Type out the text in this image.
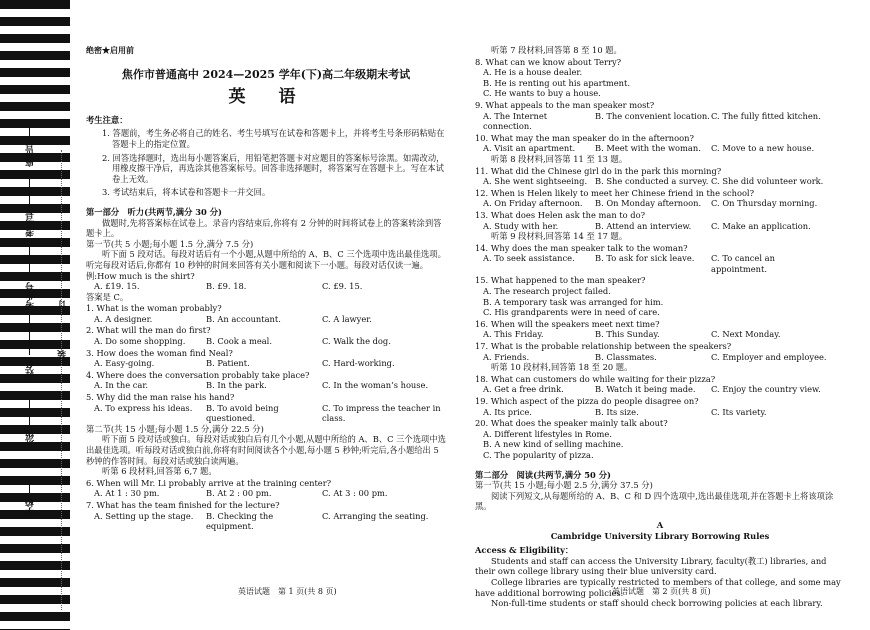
学校
班级
姓名
考生号
考场号
座位号
装
订
线
绝密★启用前
焦作市普通高中 2024—2025 学年(下)高二年级期末考试
英　语
考生注意：

1. 答题前，考生务必将自己的姓名、考生号填写在试卷和答题卡上，并将考生号条形码粘贴在答题卡上的指定位置。

2. 回答选择题时，选出每小题答案后，用铅笔把答题卡对应题目的答案标号涂黑。如需改动，用橡皮擦干净后，再选涂其他答案标号。回答非选择题时，将答案写在答题卡上。写在本试卷上无效。

3. 考试结束后，将本试卷和答题卡一并交回。

第一部分　听力(共两节,满分 30 分)

做题时,先将答案标在试卷上。录音内容结束后,你将有 2 分钟的时间将试卷上的答案转涂到答题卡上。

第一节(共 5 小题;每小题 1.5 分,满分 7.5 分)

听下面 5 段对话。每段对话后有一个小题,从题中所给的 A、B、C 三个选项中选出最佳选项。听完每段对话后,你都有 10 秒钟的时间来回答有关小题和阅读下一小题。每段对话仅读一遍。

例:How much is the shirt?

A. £19. 15.	B. £9. 18.	C. £9. 15.

答案是 C。

1. What is the woman probably?

A. A designer.	B. An accountant.	C. A lawyer.

2. What will the man do first?

A. Do some shopping.	B. Cook a meal.	C. Walk the dog.

3. How does the woman find Neal?

A. Easy-going.	B. Patient.	C. Hard-working.

4. Where does the conversation probably take place?

A. In the car.	B. In the park.	C. In the woman’s house.

5. Why did the man raise his hand?

A. To express his ideas.	B. To avoid being questioned.
C. To impress the teacher in class.

第二节(共 15 小题;每小题 1.5 分,满分 22.5 分)

听下面 5 段对话或独白。每段对话或独白后有几个小题,从题中所给的 A、B、C 三个选项中选出最佳选项。听每段对话或独白前,你将有时间阅读各个小题,每小题 5 秒钟;听完后,各小题给出 5 秒钟的作答时间。每段对话或独白读两遍。

听第 6 段材料,回答第 6,7 题。

6. When will Mr. Li probably arrive at the training center?

A. At 1 : 30 pm.	B. At 2 : 00 pm.	C. At 3 : 00 pm.

7. What has the team finished for the lecture?

A. Setting up the stage.	B. Checking the equipment.
C. Arranging the seating.

听第 7 段材料,回答第 8 至 10 题。

8. What can we know about Terry?

A. He is a house dealer.

B. He is renting out his apartment.

C. He wants to buy a house.

9. What appeals to the man speaker most?

A. The Internet connection.
B. The convenient location. C. The fully fitted kitchen.

10. What may the man speaker do in the afternoon?

A. Visit an apartment.	B. Meet with the woman.	C. Move to a new house.

听第 8 段材料,回答第 11 至 13 题。

11. What did the Chinese girl do in the park this morning?

A. She went sightseeing. B. She conducted a survey. C. She did volunteer work.

12. When is Helen likely to meet her Chinese friend in the school?

A. On Friday afternoon.	B. On Monday afternoon.	C. On Thursday morning.

13. What does Helen ask the man to do?

A. Study with her.	B. Attend an interview.	C. Make an application.

听第 9 段材料,回答第 14 至 17 题。

14. Why does the man speaker talk to the woman?

A. To seek assistance.	B. To ask for sick leave.	C. To cancel an appointment.

15. What happened to the man speaker?

A. The research project failed.

B. A temporary task was arranged for him.

C. His grandparents were in need of care.

16. When will the speakers meet next time?

A. This Friday.	B. This Sunday.	C. Next Monday.

17. What is the probable relationship between the speakers?

A. Friends.	B. Classmates.	C. Employer and employee.

听第 10 段材料,回答第 18 至 20 题。

18. What can customers do while waiting for their pizza?

A. Get a free drink.	B. Watch it being made.	C. Enjoy the country view.

19. Which aspect of the pizza do people disagree on?

A. Its price.	B. Its size.	C. Its variety.

20. What does the speaker mainly talk about?

A. Different lifestyles in Rome.

B. A new kind of selling machine.

C. The popularity of pizza.

第二部分　阅读(共两节,满分 50 分)

第一节(共 15 小题;每小题 2.5 分,满分 37.5 分)

阅读下列短文,从每题所给的 A、B、C 和 D 四个选项中,选出最佳选项,并在答题卡上将该项涂黑。

A

Cambridge University Library Borrowing Rules

Access & Eligibility：

Students and staff can access the University Library, faculty(教工) libraries, and their own college library using their blue university card.

College libraries are typically restricted to members of that college, and some may have additional borrowing policies.

Non-full-time students or staff should check borrowing policies at each library.

英语试题　第 1 页(共 8 页)	英语试题　第 2 页(共 8 页)
